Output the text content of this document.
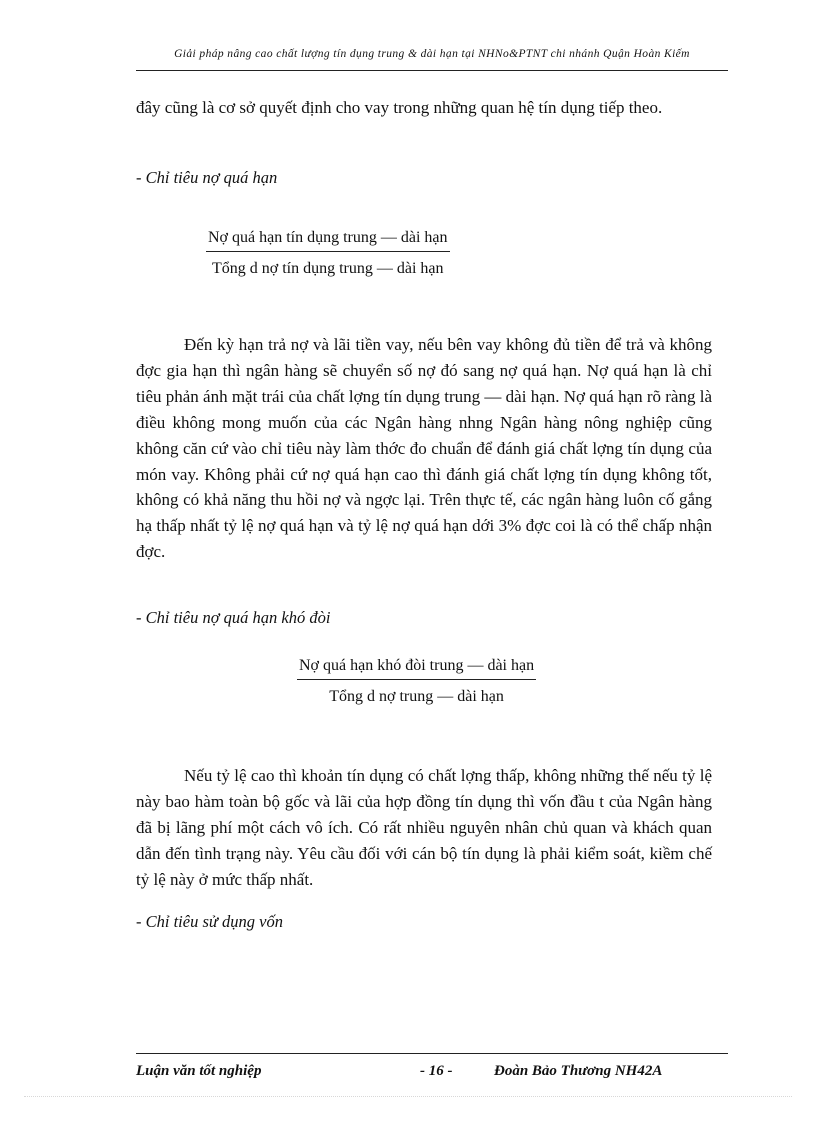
Giải pháp nâng cao chất lượng tín dụng trung & dài hạn tại NHNo&PTNT chi nhánh Quận Hoàn Kiếm
đây cũng là cơ sở quyết định cho vay trong những quan hệ tín dụng tiếp theo.
- Chỉ tiêu nợ quá hạn
Nợ quá hạn tín dụng trung — dài hạn
Tổng d nợ tín dụng trung — dài hạn
Đến kỳ hạn trả nợ và lãi tiền vay, nếu bên vay không đủ tiền để trả và không đợc gia hạn thì ngân hàng sẽ chuyển số nợ đó sang nợ quá hạn. Nợ quá hạn là chỉ tiêu phản ánh mặt trái của chất lợng tín dụng trung — dài hạn. Nợ quá hạn rõ ràng là điều không mong muốn của các Ngân hàng nhng Ngân hàng nông nghiệp cũng không căn cứ vào chỉ tiêu này làm thớc đo chuẩn để đánh giá chất lợng tín dụng của món vay. Không phải cứ nợ quá hạn cao thì đánh giá chất lợng tín dụng không tốt, không có khả năng thu hồi nợ và ngợc lại. Trên thực tế, các ngân hàng luôn cố gắng hạ thấp nhất tỷ lệ nợ quá hạn và tỷ lệ nợ quá hạn dới 3% đợc coi là có thể chấp nhận đợc.
- Chỉ tiêu nợ quá hạn khó đòi
Nợ quá hạn khó đòi trung — dài hạn
Tổng d nợ trung — dài hạn
Nếu tỷ lệ cao thì khoản tín dụng có chất lợng thấp, không những thế nếu tỷ lệ này bao hàm toàn bộ gốc và lãi của hợp đồng tín dụng thì vốn đầu t của Ngân hàng đã bị lãng phí một cách vô ích. Có rất nhiều nguyên nhân chủ quan và khách quan dẫn đến tình trạng này. Yêu cầu đối với cán bộ tín dụng là phải kiểm soát, kiềm chế tỷ lệ này ở mức thấp nhất.
- Chỉ tiêu sử dụng vốn
Luận văn tốt nghiệp	- 16 -	Đoàn Bảo Thương NH42A
